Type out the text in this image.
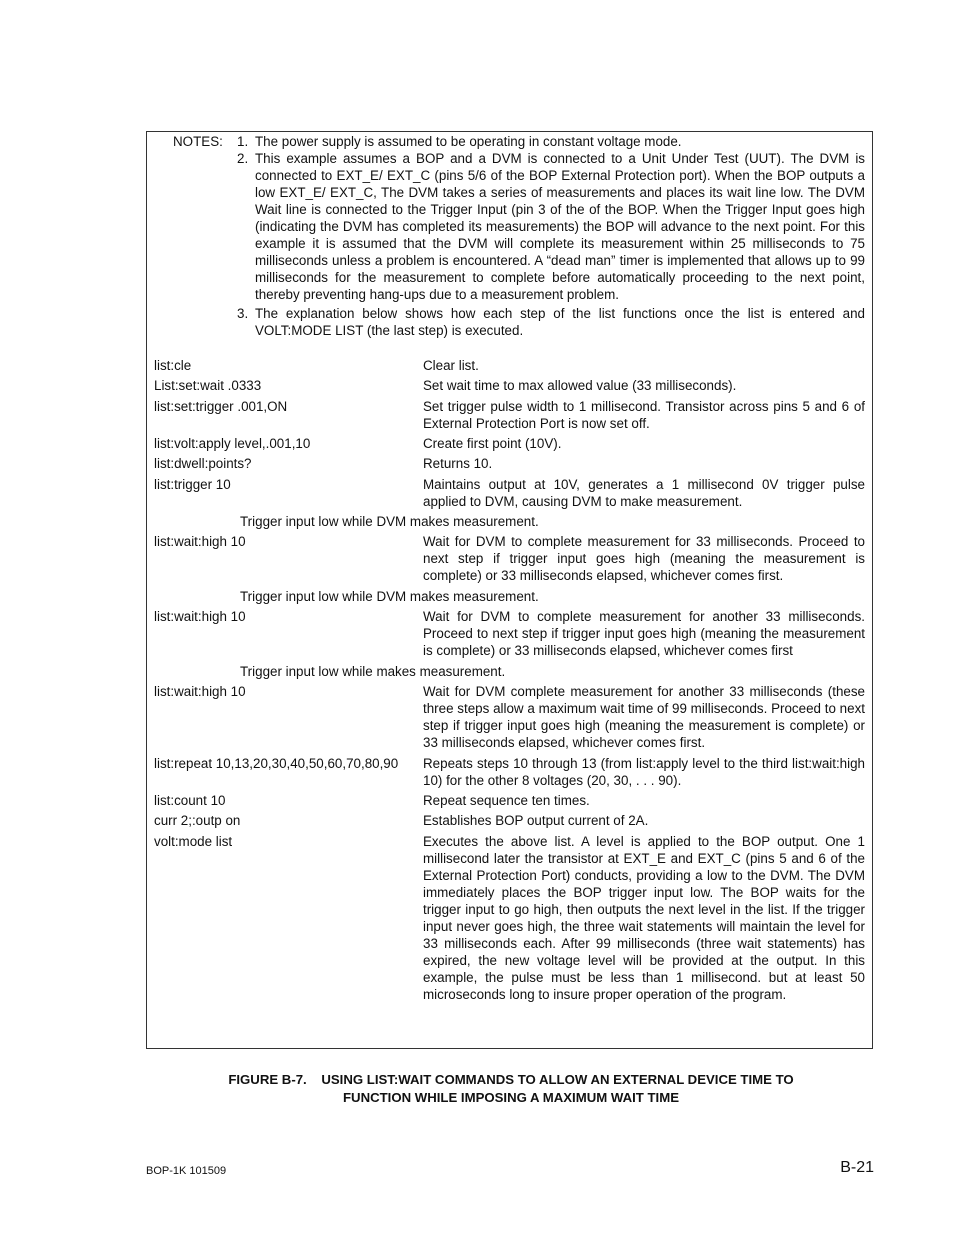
NOTES: 1. The power supply is assumed to be operating in constant voltage mode.
2. This example assumes a BOP and a DVM is connected to a Unit Under Test (UUT). The DVM is connected to EXT_E/ EXT_C (pins 5/6 of the BOP External Protection port). When the BOP outputs a low EXT_E/ EXT_C, The DVM takes a series of measurements and places its wait line low. The DVM Wait line is connected to the Trigger Input (pin 3 of the of the BOP. When the Trigger Input goes high (indicating the DVM has completed its measurements) the BOP will advance to the next point. For this example it is assumed that the DVM will complete its measurement within 25 milliseconds to 75 milliseconds unless a problem is encountered. A “dead man” timer is implemented that allows up to 99 milliseconds for the measurement to complete before automatically proceeding to the next point, thereby preventing hang-ups due to a measurement problem.
3. The explanation below shows how each step of the list functions once the list is entered and VOLT:MODE LIST (the last step) is executed.
list:cle	Clear list.
List:set:wait .0333	Set wait time to max allowed value (33 milliseconds).
list:set:trigger .001,ON	Set trigger pulse width to 1 millisecond. Transistor across pins 5 and 6 of External Protection Port is now set off.
list:volt:apply level,.001,10	Create first point (10V).
list:dwell:points?	Returns 10.
list:trigger 10	Maintains output at 10V, generates a 1 millisecond 0V trigger pulse applied to DVM, causing DVM to make measurement.
Trigger input low while DVM makes measurement.
list:wait:high 10	Wait for DVM to complete measurement for 33 milliseconds. Proceed to next step if trigger input goes high (meaning the measurement is complete) or 33 milliseconds elapsed, whichever comes first.
Trigger input low while DVM makes measurement.
list:wait:high 10	Wait for DVM to complete measurement for another 33 milliseconds. Proceed to next step if trigger input goes high (meaning the measurement is complete) or 33 milliseconds elapsed, whichever comes first
Trigger input low while makes measurement.
list:wait:high 10	Wait for DVM complete measurement for another 33 milliseconds (these three steps allow a maximum wait time of 99 milliseconds. Proceed to next step if trigger input goes high (meaning the measurement is complete) or 33 milliseconds elapsed, whichever comes first.
list:repeat 10,13,20,30,40,50,60,70,80,90 Repeats steps 10 through 13 (from list:apply level to the third list:wait:high 10) for the other 8 voltages (20, 30, . . . 90).
list:count 10	Repeat sequence ten times.
curr 2;:outp on	Establishes BOP output current of 2A.
volt:mode list	Executes the above list. A level is applied to the BOP output. One 1 millisecond later the transistor at EXT_E and EXT_C (pins 5 and 6 of the External Protection Port) conducts, providing a low to the DVM. The DVM immediately places the BOP trigger input low. The BOP waits for the trigger input to go high, then outputs the next level in the list. If the trigger input never goes high, the three wait statements will maintain the level for 33 milliseconds each. After 99 milliseconds (three wait statements) has expired, the new voltage level will be provided at the output. In this example, the pulse must be less than 1 millisecond. but at least 50 microseconds long to insure proper operation of the program.
FIGURE B-7.    USING LIST:WAIT COMMANDS TO ALLOW AN EXTERNAL DEVICE TIME TO
FUNCTION WHILE IMPOSING A MAXIMUM WAIT TIME
BOP-1K 101509	B-21
